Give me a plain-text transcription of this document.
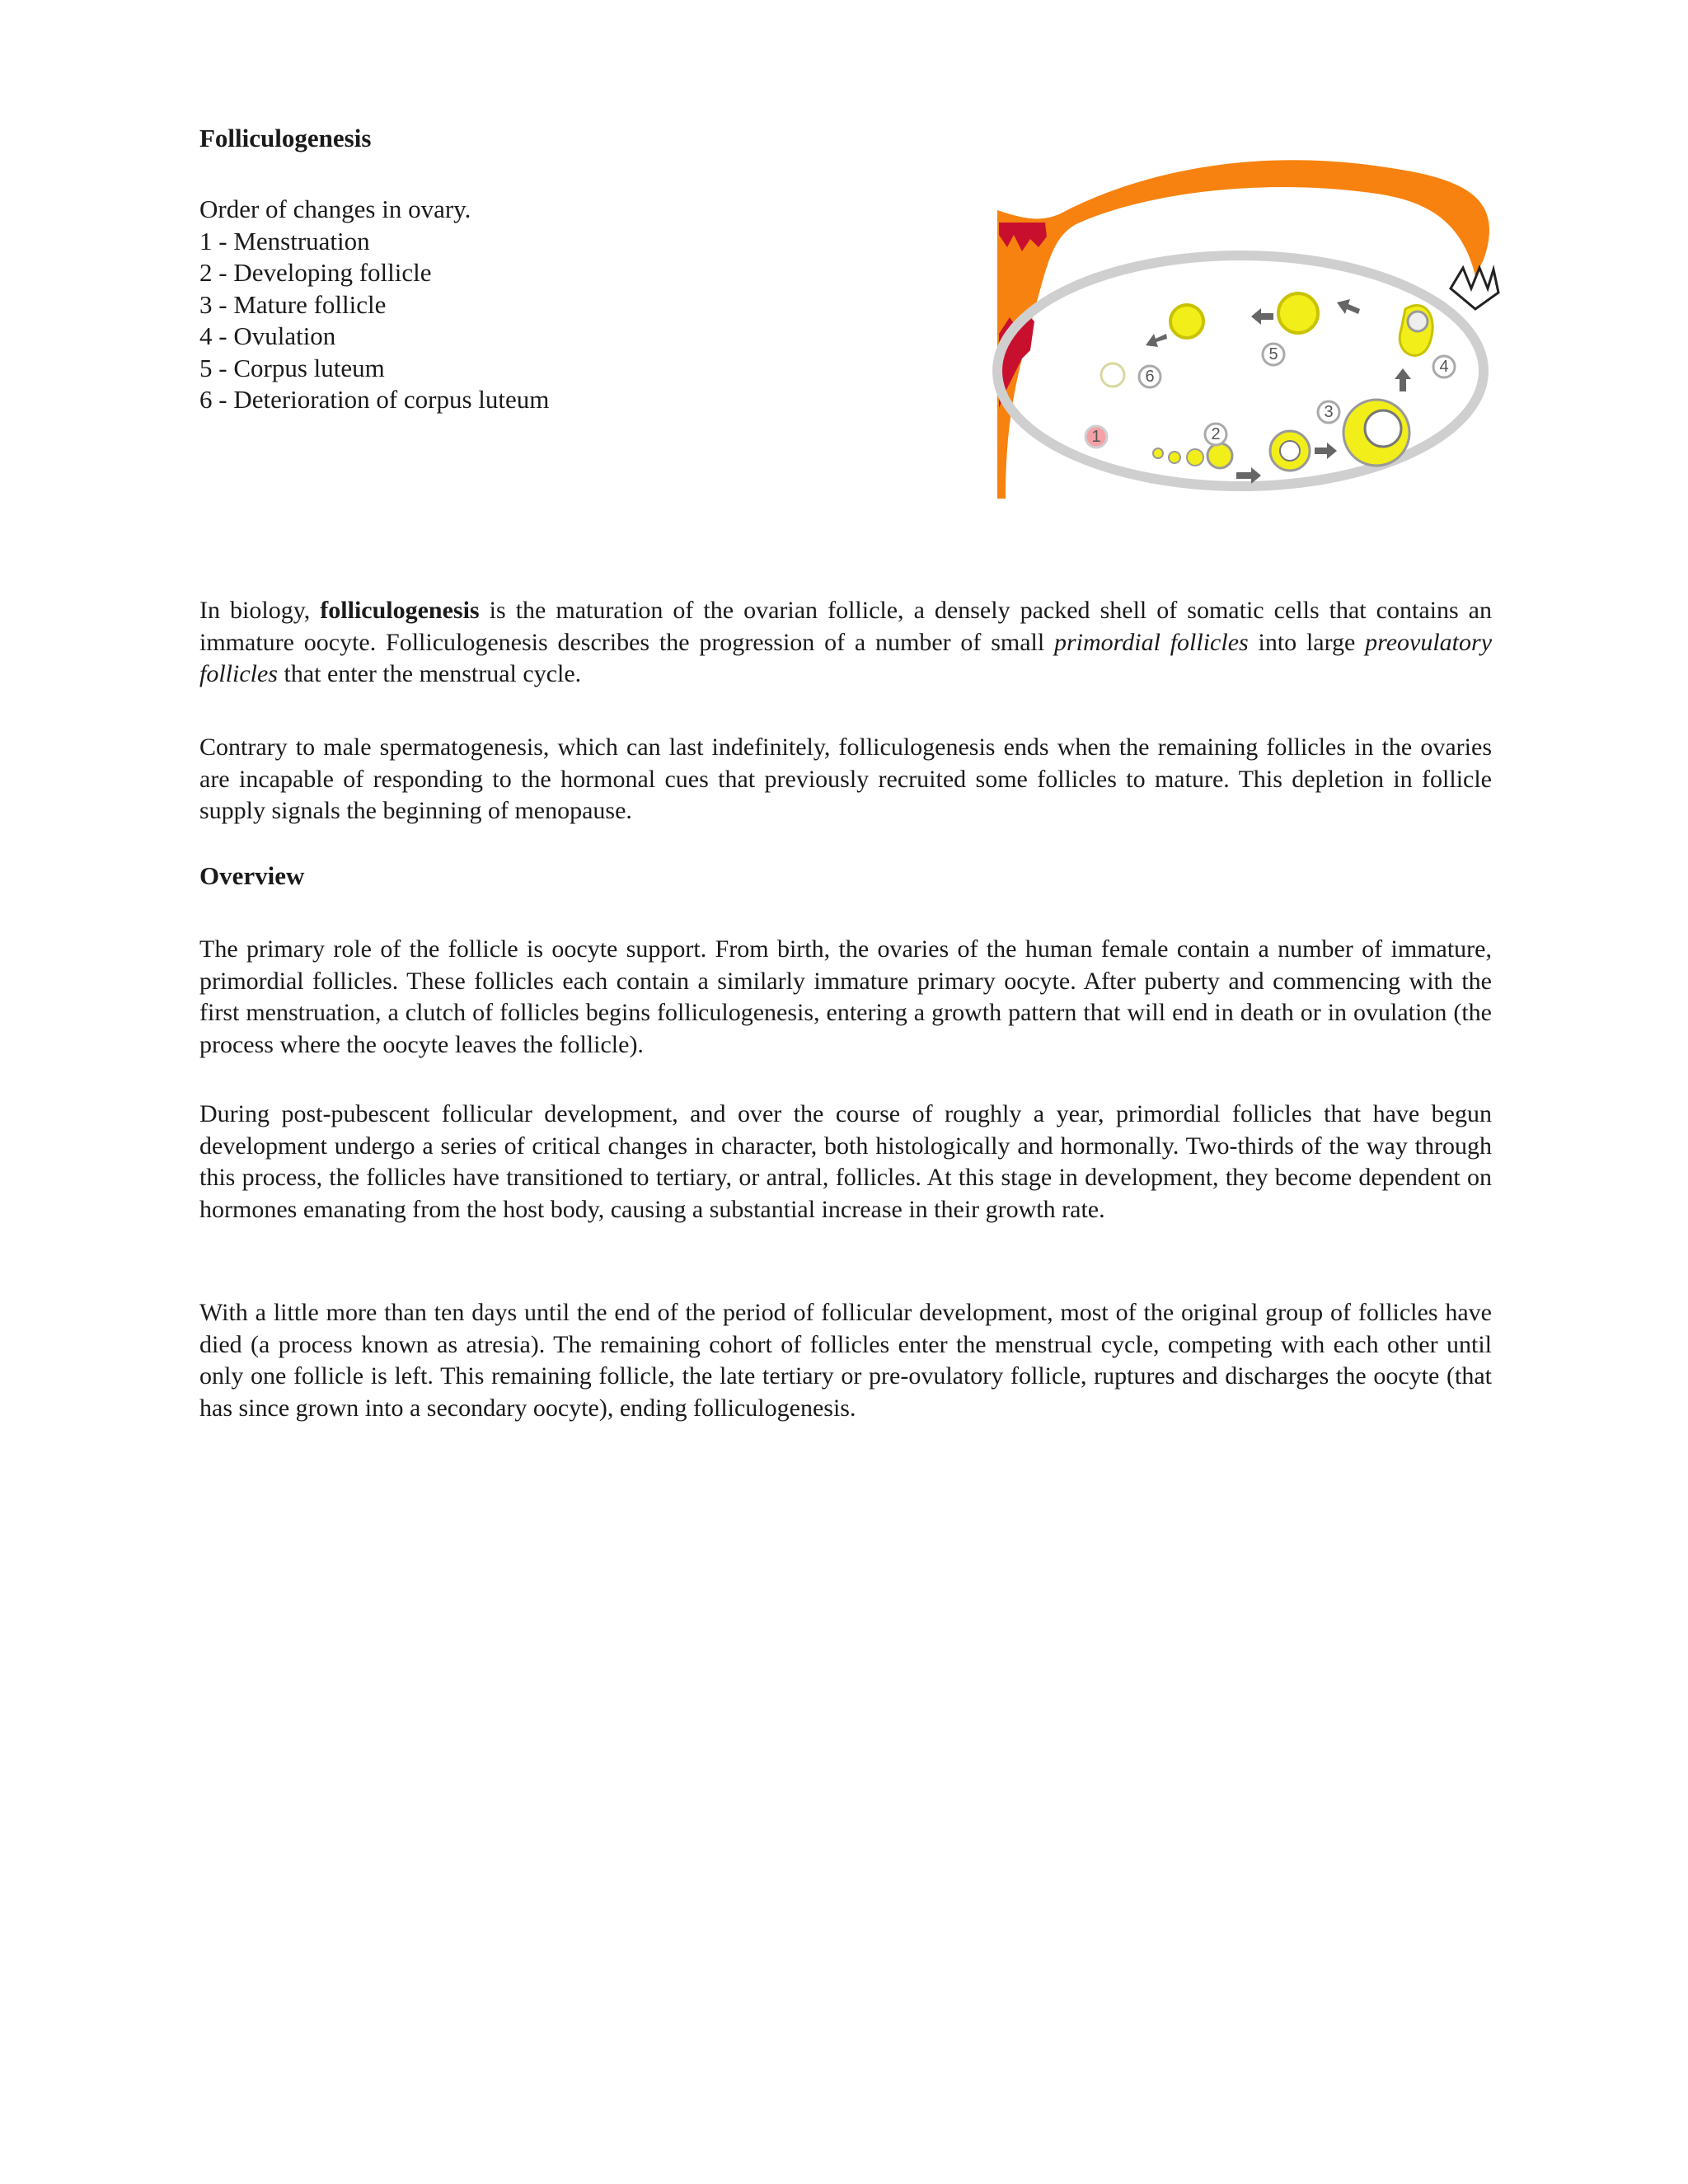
Folliculogenesis
Order of changes in ovary.
1 - Menstruation
2 - Developing follicle
3 - Mature follicle
4 - Ovulation
5 - Corpus luteum
6 - Deterioration of corpus luteum
1	2
3
4
5
6

In biology, folliculogenesis is the maturation of the ovarian follicle, a densely packed shell of somatic cells that contains an immature oocyte. Folliculogenesis describes the progression of a number of small primordial follicles into large preovulatory follicles that enter the menstrual cycle.

Contrary to male spermatogenesis, which can last indefinitely, folliculogenesis ends when the remaining follicles in the ovaries are incapable of responding to the hormonal cues that previously recruited some follicles to mature. This depletion in follicle supply signals the beginning of menopause.

Overview

The primary role of the follicle is oocyte support. From birth, the ovaries of the human female contain a number of immature, primordial follicles. These follicles each contain a similarly immature primary oocyte. After puberty and commencing with the first menstruation, a clutch of follicles begins folliculogenesis, entering a growth pattern that will end in death or in ovulation (the process where the oocyte leaves the follicle).

During post-pubescent follicular development, and over the course of roughly a year, primordial follicles that have begun development undergo a series of critical changes in character, both histologically and hormonally. Two-thirds of the way through this process, the follicles have transitioned to tertiary, or antral, follicles. At this stage in development, they become dependent on hormones emanating from the host body, causing a substantial increase in their growth rate.

With a little more than ten days until the end of the period of follicular development, most of the original group of follicles have died (a process known as atresia). The remaining cohort of follicles enter the menstrual cycle, competing with each other until only one follicle is left. This remaining follicle, the late tertiary or pre-ovulatory follicle, ruptures and discharges the oocyte (that has since grown into a secondary oocyte), ending folliculogenesis.
